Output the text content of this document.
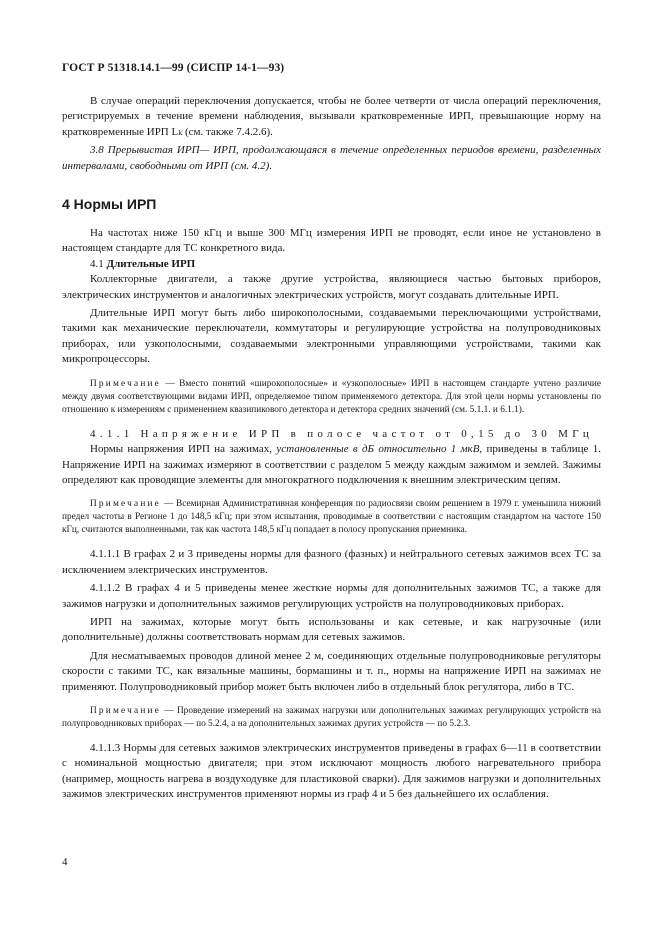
ГОСТ Р 51318.14.1—99 (СИСПР 14-1—93)

В случае операций переключения допускается, чтобы не более четверти от числа операций переключения, регистрируемых в течение времени наблюдения, вызывали кратковременные ИРП, превышающие норму на кратковременные ИРП Lₖ (см. также 7.4.2.6).

3.8 Прерывистая ИРП— ИРП, продолжающаяся в течение определенных периодов времени, разделенных интервалами, свободными от ИРП (см. 4.2).

4 Нормы ИРП

На частотах ниже 150 кГц и выше 300 МГц измерения ИРП не проводят, если иное не установлено в настоящем стандарте для ТС конкретного вида.

4.1 Длительные ИРП

Коллекторные двигатели, а также другие устройства, являющиеся частью бытовых приборов, электрических инструментов и аналогичных электрических устройств, могут создавать длительные ИРП.

Длительные ИРП могут быть либо широкополосными, создаваемыми переключающими устройствами, такими как механические переключатели, коммутаторы и регулирующие устройства на полупроводниковых приборах, или узкополосными, создаваемыми электронными управляющими устройствами, такими как микропроцессоры.

Примечание — Вместо понятий «широкополосные» и «узкополосные» ИРП в настоящем стандарте учтено различие между двумя соответствующими видами ИРП, определяемое типом применяемого детектора. Для этой цели нормы установлены по отношению к измерениям с применением квазипикового детектора и детектора средних значений (см. 5.1.1. и 6.1.1).

4.1.1 Напряжение ИРП в полосе частот от 0,15 до 30 МГц

Нормы напряжения ИРП на зажимах, установленные в дБ относительно 1 мкВ, приведены в таблице 1. Напряжение ИРП на зажимах измеряют в соответствии с разделом 5 между каждым зажимом и землей. Зажимы определяют как проводящие элементы для многократного подключения к внешним электрическим цепям.

Примечание — Всемирная Административная конференция по радиосвязи своим решением в 1979 г. уменьшила нижний предел частоты в Регионе 1 до 148,5 кГц; при этом испытания, проводимые в соответствии с настоящим стандартом на частоте 150 кГц, считаются выполненными, так как частота 148,5 кГц попадает в полосу пропускания приемника.

4.1.1.1 В графах 2 и 3 приведены нормы для фазного (фазных) и нейтрального сетевых зажимов всех ТС за исключением электрических инструментов.

4.1.1.2 В графах 4 и 5 приведены менее жесткие нормы для дополнительных зажимов ТС, а также для зажимов нагрузки и дополнительных зажимов регулирующих устройств на полупроводниковых приборах.

ИРП на зажимах, которые могут быть использованы и как сетевые, и как нагрузочные (или дополнительные) должны соответствовать нормам для сетевых зажимов.

Для несматываемых проводов длиной менее 2 м, соединяющих отдельные полупроводниковые регуляторы скорости с такими ТС, как вязальные машины, бормашины и т. п., нормы на напряжение ИРП на зажимах не применяют. Полупроводниковый прибор может быть включен либо в отдельный блок регулятора, либо в ТС.

Примечание — Проведение измерений на зажимах нагрузки или дополнительных зажимах регулирующих устройств на полупроводниковых приборах — по 5.2.4, а на дополнительных зажимах других устройств — по 5.2.3.

4.1.1.3 Нормы для сетевых зажимов электрических инструментов приведены в графах 6—11 в соответствии с номинальной мощностью двигателя; при этом исключают мощность любого нагревательного прибора (например, мощность нагрева в воздуходувке для пластиковой сварки). Для зажимов нагрузки и дополнительных зажимов электрических инструментов применяют нормы из граф 4 и 5 без дальнейшего их ослабления.

4
